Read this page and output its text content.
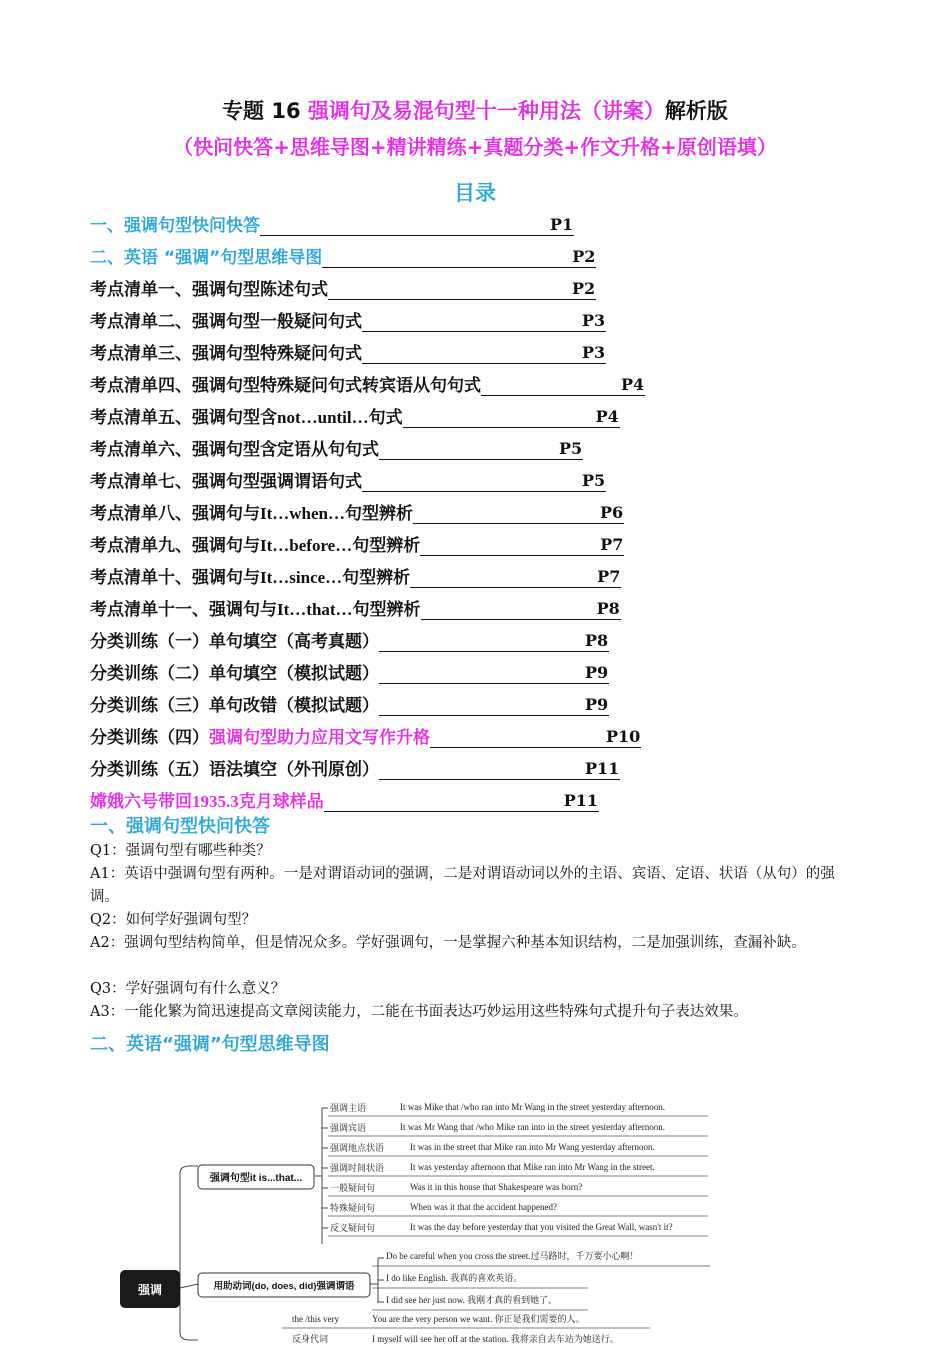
专题 16 强调句及易混句型十一种用法（讲案）解析版
（快问快答+思维导图+精讲精练+真题分类+作文升格+原创语填）
目录
一、强调句型快问快答	P1
二、英语 “强调”句型思维导图	P2
考点清单一、强调句型陈述句式	P2
考点清单二、强调句型一般疑问句式	P3
考点清单三、强调句型特殊疑问句式	P3
考点清单四、强调句型特殊疑问句式转宾语从句句式	P4
考点清单五、强调句型含 not…until… 句式	P4
考点清单六、强调句型含定语从句句式	P5
考点清单七、强调句型强调谓语句式	P5
考点清单八、强调句与 It…when… 句型辨析	P6
考点清单九、强调句与 It…before… 句型辨析	P7
考点清单十、强调句与 It…since… 句型辨析	P7
考点清单十一、强调句与 It…that… 句型辨析	P8
分类训练（一）单句填空（高考真题）	P8
分类训练（二）单句填空（模拟试题）	P9
分类训练（三）单句改错（模拟试题）	P9
分类训练（四） 强调句型助力应用文写作升格	P10
分类训练（五）语法填空（外刊原创）	P11
嫦娥六号带回 1935.3 克月球样品	P11
一、强调句型快问快答
Q1：强调句型有哪些种类？
A1：英语中强调句型有两种。一是对谓语动词的强调，二是对谓语动词以外的主语、宾语、定语、状语（从句）的强调。
Q2：如何学好强调句型？
A2：强调句型结构简单，但是情况众多。学好强调句，一是掌握六种基本知识结构，二是加强训练，查漏补缺。
Q3：学好强调句有什么意义？
A3：一能化繁为简迅速提高文章阅读能力，二能在书面表达巧妙运用这些特殊句式提升句子表达效果。
二、英语“强调”句型思维导图
强调
强调句型it is...that...
强调主语	It was Mike that /who ran into Mr Wang in the street yesterday afternoon.
强调宾语	It was Mr Wang that /who Mike ran into in the street yesterday afternoon.
强调地点状语	It was in the street that Mike ran into Mr Wang yesterday afternoon.
强调时间状语	It was yesterday afternoon that Mike ran into Mr Wang in the street.
一般疑问句	Was it in this house that Shakespeare was born?
特殊疑问句	When was it that the accident happened?
反义疑问句	It was the day before yesterday that you visited the Great Wall, wasn't it?
用助动词(do, does, did)强调谓语
Do be careful when you cross the street.过马路时，千万要小心啊！
I do like English. 我真的喜欢英语。
I did see her just now. 我刚才真的看到她了。
the /this very	You are the very person we want. 你正是我们需要的人。
反身代词	I myself will see her off at the station. 我将亲自去车站为她送行。
